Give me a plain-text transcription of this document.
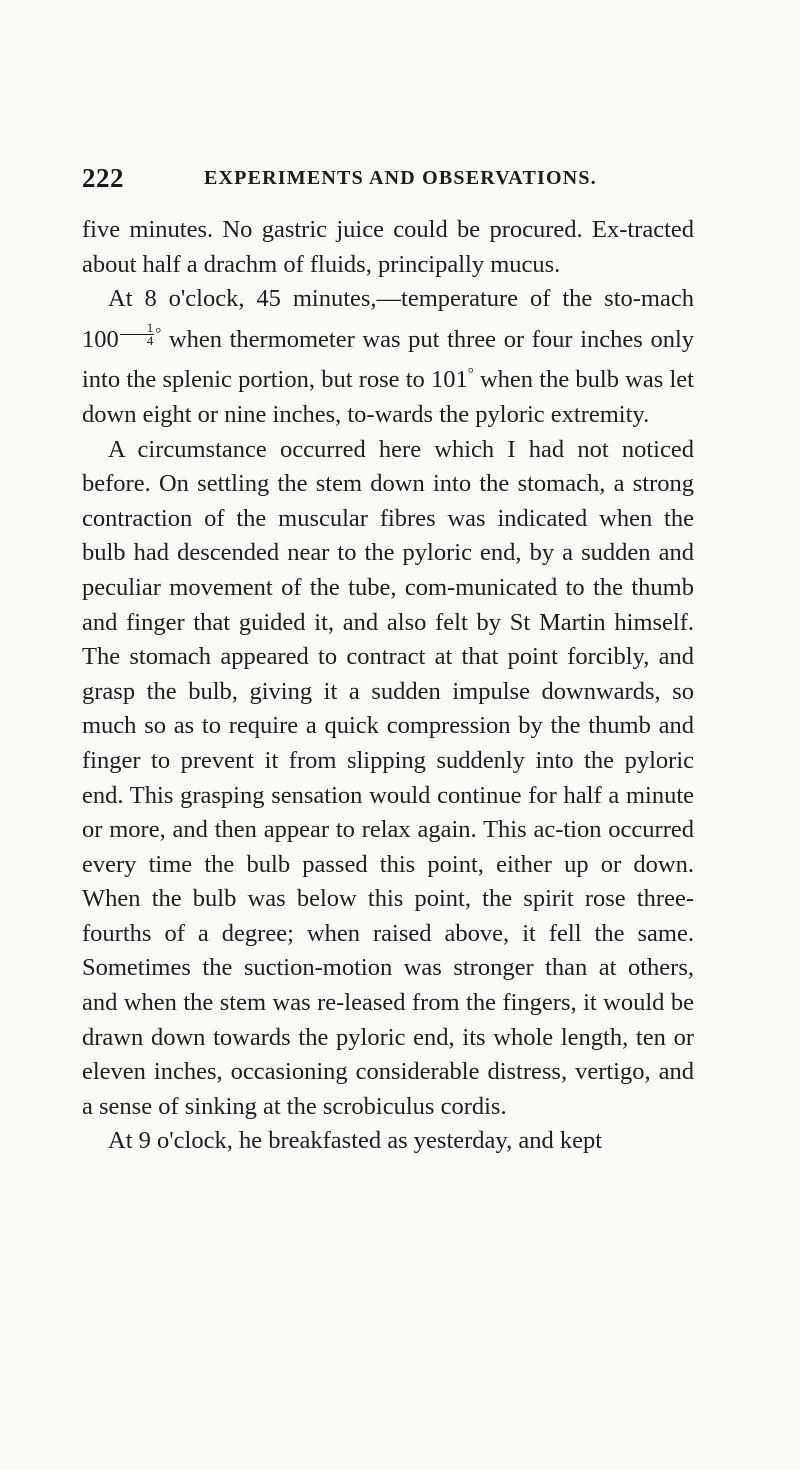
222	EXPERIMENTS AND OBSERVATIONS.

five minutes. No gastric juice could be procured. Ex-tracted about half a drachm of fluids, principally mucus.

At 8 o'clock, 45 minutes,—temperature of the sto-mach $100 \frac{1}{4} ^\circ$ when thermometer was put three or four inches only into the splenic portion, but rose to 101° when the bulb was let down eight or nine inches, to-wards the pyloric extremity.

A circumstance occurred here which I had not noticed before. On settling the stem down into the stomach, a strong contraction of the muscular fibres was indicated when the bulb had descended near to the pyloric end, by a sudden and peculiar movement of the tube, com-municated to the thumb and finger that guided it, and also felt by St Martin himself. The stomach appeared to contract at that point forcibly, and grasp the bulb, giving it a sudden impulse downwards, so much so as to require a quick compression by the thumb and finger to prevent it from slipping suddenly into the pyloric end. This grasping sensation would continue for half a minute or more, and then appear to relax again. This ac-tion occurred every time the bulb passed this point, either up or down. When the bulb was below this point, the spirit rose three-fourths of a degree; when raised above, it fell the same. Sometimes the suction-motion was stronger than at others, and when the stem was re-leased from the fingers, it would be drawn down towards the pyloric end, its whole length, ten or eleven inches, occasioning considerable distress, vertigo, and a sense of sinking at the scrobiculus cordis.

At 9 o'clock, he breakfasted as yesterday, and kept
